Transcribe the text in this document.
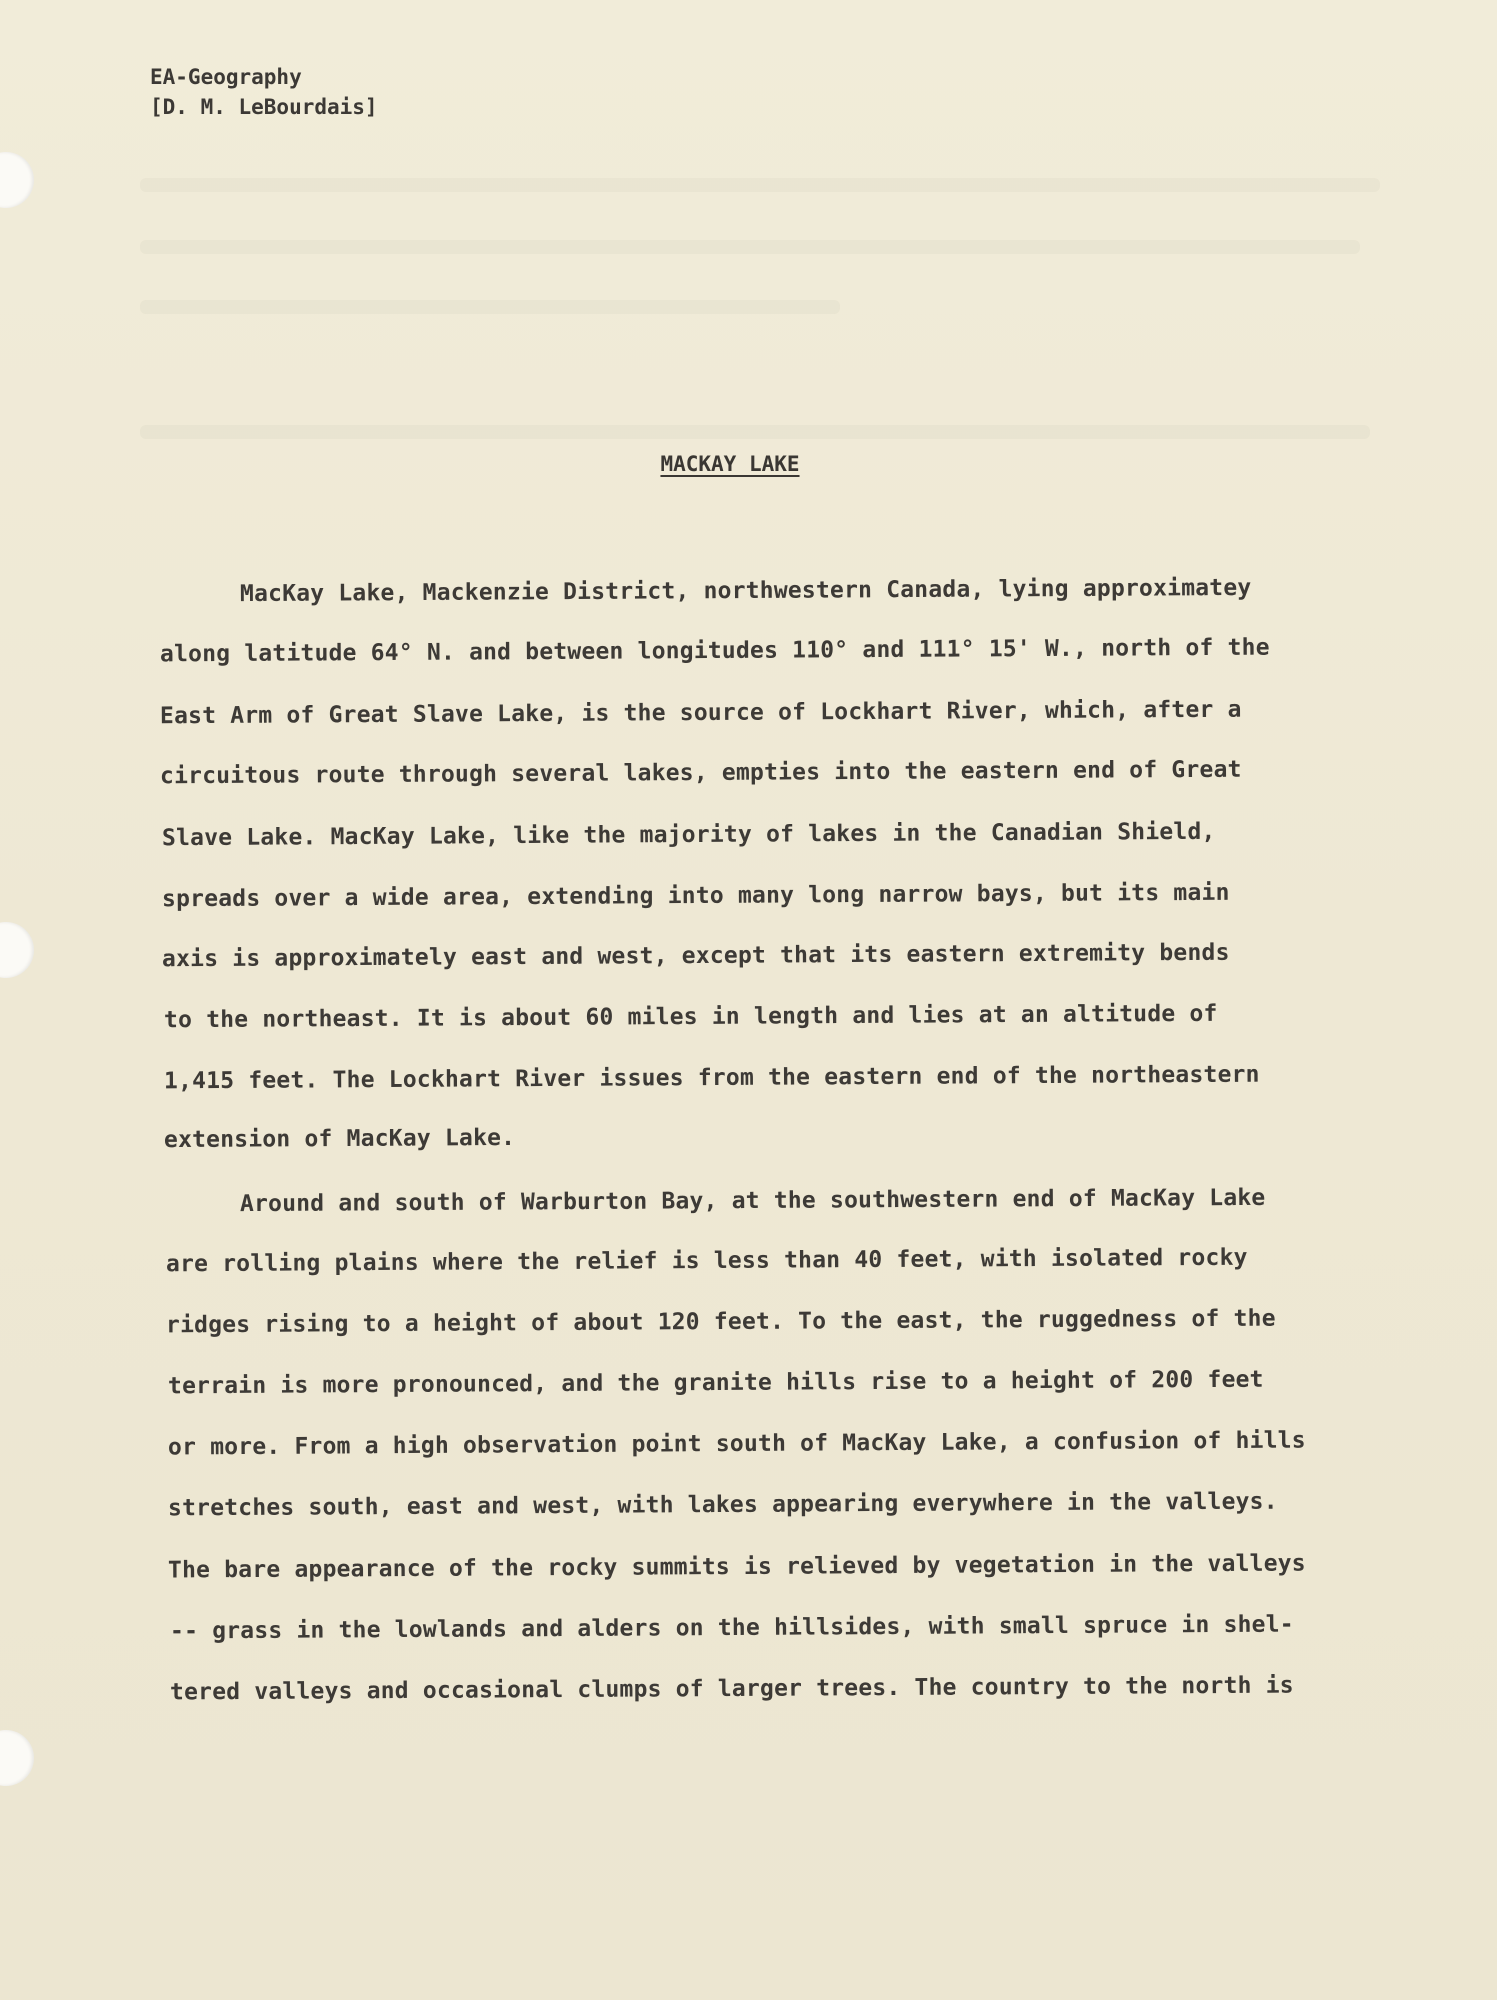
EA-Geography
[D. M. LeBourdais]
MACKAY LAKE
MacKay Lake, Mackenzie District, northwestern Canada, lying approximatey
along latitude 64° N. and between longitudes 110° and 111° 15' W., north of the
East Arm of Great Slave Lake, is the source of Lockhart River, which, after a
circuitous route through several lakes, empties into the eastern end of Great
Slave Lake. MacKay Lake, like the majority of lakes in the Canadian Shield,
spreads over a wide area, extending into many long narrow bays, but its main
axis is approximately east and west, except that its eastern extremity bends
to the northeast. It is about 60 miles in length and lies at an altitude of
1,415 feet. The Lockhart River issues from the eastern end of the northeastern
extension of MacKay Lake.
Around and south of Warburton Bay, at the southwestern end of MacKay Lake
are rolling plains where the relief is less than 40 feet, with isolated rocky
ridges rising to a height of about 120 feet. To the east, the ruggedness of the
terrain is more pronounced, and the granite hills rise to a height of 200 feet
or more. From a high observation point south of MacKay Lake, a confusion of hills
stretches south, east and west, with lakes appearing everywhere in the valleys.
The bare appearance of the rocky summits is relieved by vegetation in the valleys
-- grass in the lowlands and alders on the hillsides, with small spruce in shel-
tered valleys and occasional clumps of larger trees. The country to the north is
